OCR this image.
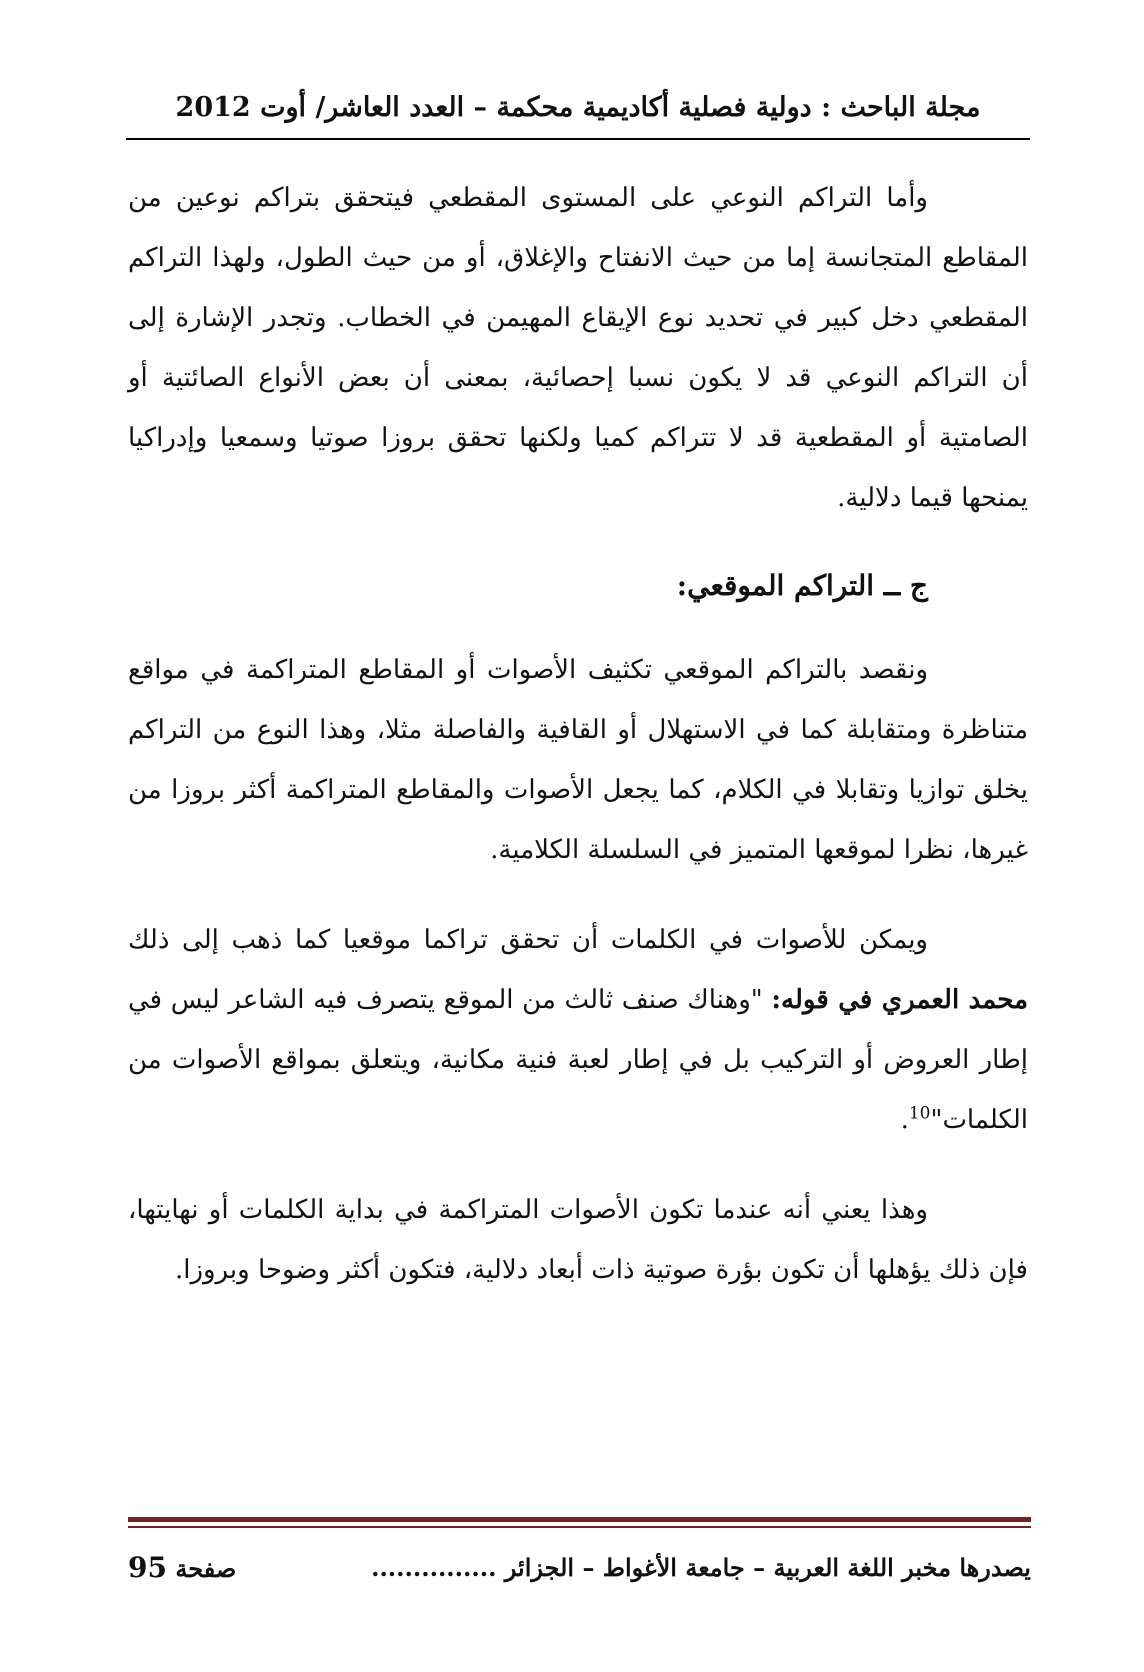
مجلة الباحث : دولية فصلية أكاديمية محكمة – العدد العاشر/ أوت 2012

وأما التراكم النوعي على المستوى المقطعي فيتحقق بتراكم نوعين من المقاطع المتجانسة إما من حيث الانفتاح والإغلاق، أو من حيث الطول، ولهذا التراكم المقطعي دخل كبير في تحديد نوع الإيقاع المهيمن في الخطاب. وتجدر الإشارة إلى أن التراكم النوعي قد لا يكون نسبا إحصائية، بمعنى أن بعض الأنواع الصائتية أو الصامتية أو المقطعية قد لا تتراكم كميا ولكنها تحقق بروزا صوتيا وسمعيا وإدراكيا يمنحها قيما دلالية.

ج ــ التراكم الموقعي:

ونقصد بالتراكم الموقعي تكثيف الأصوات أو المقاطع المتراكمة في مواقع متناظرة ومتقابلة كما في الاستهلال أو القافية والفاصلة مثلا، وهذا النوع من التراكم يخلق توازيا وتقابلا في الكلام، كما يجعل الأصوات والمقاطع المتراكمة أكثر بروزا من غيرها، نظرا لموقعها المتميز في السلسلة الكلامية.

ويمكن للأصوات في الكلمات أن تحقق تراكما موقعيا كما ذهب إلى ذلك محمد العمري في قوله: "وهناك صنف ثالث من الموقع يتصرف فيه الشاعر ليس في إطار العروض أو التركيب بل في إطار لعبة فنية مكانية، ويتعلق بمواقع الأصوات من الكلمات"$^{10}$.

وهذا يعني أنه عندما تكون الأصوات المتراكمة في بداية الكلمات أو نهايتها، فإن ذلك يؤهلها أن تكون بؤرة صوتية ذات أبعاد دلالية، فتكون أكثر وضوحا وبروزا.

يصدرها مخبر اللغة العربية – جامعة الأغواط – الجزائر ...............
صفحة 95
